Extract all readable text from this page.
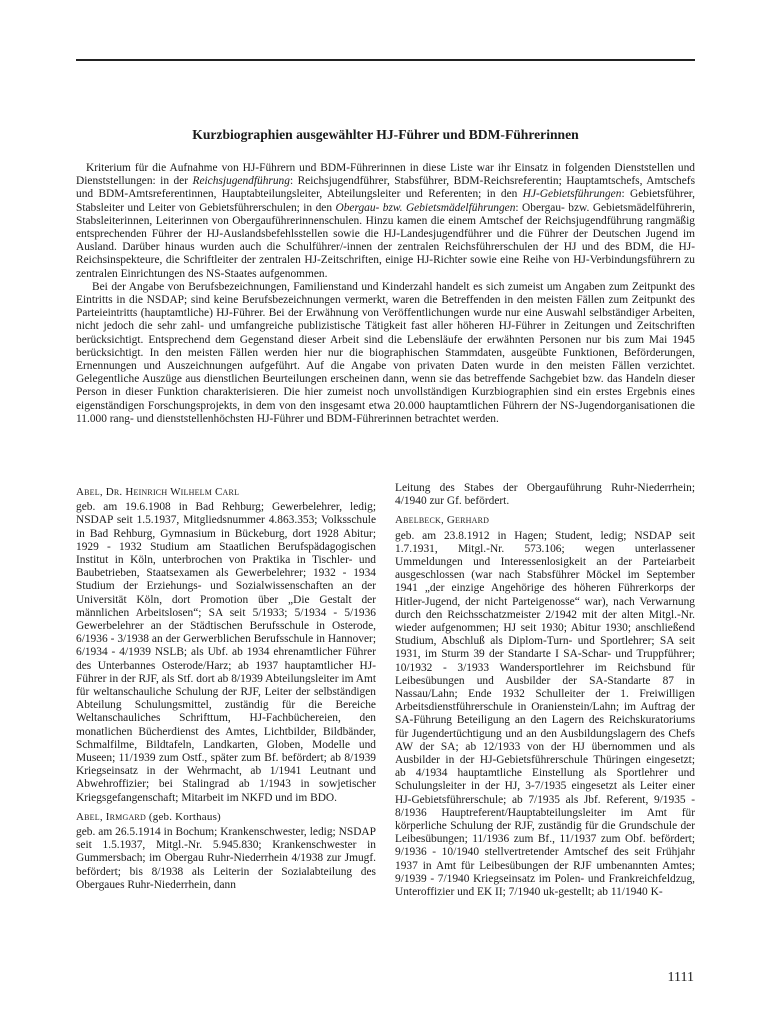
Kurzbiographien ausgewählter HJ-Führer und BDM-Führerinnen

Kriterium für die Aufnahme von HJ-Führern und BDM-Führerinnen in diese Liste war ihr Einsatz in folgenden Dienststellen und Dienststellungen: in der Reichsjugendführung: Reichsjugendführer, Stabsführer, BDM-Reichsreferentin; Hauptamtschefs, Amtschefs und BDM-Amtsreferentinnen, Hauptabteilungsleiter, Abteilungsleiter und Referenten; in den HJ-Gebietsführungen: Gebietsführer, Stabsleiter und Leiter von Gebietsführerschulen; in den Obergau- bzw. Gebietsmädelführungen: Obergau- bzw. Gebietsmädelführerin, Stabsleiterinnen, Leiterinnen von Obergauführerinnenschulen. Hinzu kamen die einem Amtschef der Reichsjugendführung rangmäßig entsprechenden Führer der HJ-Auslandsbefehlsstellen sowie die HJ-Landesjugendführer und die Führer der Deutschen Jugend im Ausland. Darüber hinaus wurden auch die Schulführer/-innen der zentralen Reichsführerschulen der HJ und des BDM, die HJ-Reichsinspekteure, die Schriftleiter der zentralen HJ-Zeitschriften, einige HJ-Richter sowie eine Reihe von HJ-Verbindungsführern zu zentralen Einrichtungen des NS-Staates aufgenommen.

Bei der Angabe von Berufsbezeichnungen, Familienstand und Kinderzahl handelt es sich zumeist um Angaben zum Zeitpunkt des Eintritts in die NSDAP; sind keine Berufsbezeichnungen vermerkt, waren die Betreffenden in den meisten Fällen zum Zeitpunkt des Parteieintritts (hauptamtliche) HJ-Führer. Bei der Erwähnung von Veröffentlichungen wurde nur eine Auswahl selbständiger Arbeiten, nicht jedoch die sehr zahl- und umfangreiche publizistische Tätigkeit fast aller höheren HJ-Führer in Zeitungen und Zeitschriften berücksichtigt. Entsprechend dem Gegenstand dieser Arbeit sind die Lebensläufe der erwähnten Personen nur bis zum Mai 1945 berücksichtigt. In den meisten Fällen werden hier nur die biographischen Stammdaten, ausgeübte Funktionen, Beförderungen, Ernennungen und Auszeichnungen aufgeführt. Auf die Angabe von privaten Daten wurde in den meisten Fällen verzichtet. Gelegentliche Auszüge aus dienstlichen Beurteilungen erscheinen dann, wenn sie das betreffende Sachgebiet bzw. das Handeln dieser Person in dieser Funktion charakterisieren. Die hier zumeist noch unvollständigen Kurzbiographien sind ein erstes Ergebnis eines eigenständigen Forschungsprojekts, in dem von den insgesamt etwa 20.000 hauptamtlichen Führern der NS-Jugendorganisationen die 11.000 rang- und dienststellenhöchsten HJ-Führer und BDM-Führerinnen betrachtet werden.

Abel, Dr. Heinrich Wilhelm Carl

geb. am 19.6.1908 in Bad Rehburg; Gewerbelehrer, ledig; NSDAP seit 1.5.1937, Mitgliedsnummer 4.863.353; Volksschule in Bad Rehburg, Gymnasium in Bückeburg, dort 1928 Abitur; 1929 - 1932 Studium am Staatlichen Berufspädagogischen Institut in Köln, unterbrochen von Praktika in Tischler- und Baubetrieben, Staatsexamen als Gewerbelehrer; 1932 - 1934 Studium der Erziehungs- und Sozialwissenschaften an der Universität Köln, dort Promotion über „Die Gestalt der männlichen Arbeitslosen“; SA seit 5/1933; 5/1934 - 5/1936 Gewerbelehrer an der Städtischen Berufsschule in Osterode, 6/1936 - 3/1938 an der Gerwerblichen Berufsschule in Hannover; 6/1934 - 4/1939 NSLB; als Ubf. ab 1934 ehrenamtlicher Führer des Unterbannes Osterode/Harz; ab 1937 hauptamtlicher HJ-Führer in der RJF, als Stf. dort ab 8/1939 Abteilungsleiter im Amt für weltanschauliche Schulung der RJF, Leiter der selbständigen Abteilung Schulungsmittel, zuständig für die Bereiche Weltanschauliches Schrifttum, HJ-Fachbüchereien, den monatlichen Bücherdienst des Amtes, Lichtbilder, Bildbänder, Schmalfilme, Bildtafeln, Landkarten, Globen, Modelle und Museen; 11/1939 zum Ostf., später zum Bf. befördert; ab 8/1939 Kriegseinsatz in der Wehrmacht, ab 1/1941 Leutnant und Abwehroffizier; bei Stalingrad ab 1/1943 in sowjetischer Kriegsgefangenschaft; Mitarbeit im NKFD und im BDO.

Abel, Irmgard (geb. Korthaus)

geb. am 26.5.1914 in Bochum; Krankenschwester, ledig; NSDAP seit 1.5.1937, Mitgl.-Nr. 5.945.830; Krankenschwester in Gummersbach; im Obergau Ruhr-Niederrhein 4/1938 zur Jmugf. befördert; bis 8/1938 als Leiterin der Sozialabteilung des Obergaues Ruhr-Niederrhein, dann

Leitung des Stabes der Obergauführung Ruhr-Niederrhein; 4/1940 zur Gf. befördert.

Abelbeck, Gerhard

geb. am 23.8.1912 in Hagen; Student, ledig; NSDAP seit 1.7.1931, Mitgl.-Nr. 573.106; wegen unterlassener Ummeldungen und Interessenlosigkeit an der Parteiarbeit ausgeschlossen (war nach Stabsführer Möckel im September 1941 „der einzige Angehörige des höheren Führerkorps der Hitler-Jugend, der nicht Parteigenosse“ war), nach Verwarnung durch den Reichsschatzmeister 2/1942 mit der alten Mitgl.-Nr. wieder aufgenommen; HJ seit 1930; Abitur 1930; anschließend Studium, Abschluß als Diplom-Turn- und Sportlehrer; SA seit 1931, im Sturm 39 der Standarte I SA-Schar- und Truppführer; 10/1932 - 3/1933 Wandersportlehrer im Reichsbund für Leibesübungen und Ausbilder der SA-Standarte 87 in Nassau/Lahn; Ende 1932 Schulleiter der 1. Freiwilligen Arbeitsdienstführerschule in Oranienstein/Lahn; im Auftrag der SA-Führung Beteiligung an den Lagern des Reichskuratoriums für Jugendertüchtigung und an den Ausbildungslagern des Chefs AW der SA; ab 12/1933 von der HJ übernommen und als Ausbilder in der HJ-Gebietsführerschule Thüringen eingesetzt; ab 4/1934 hauptamtliche Einstellung als Sportlehrer und Schulungsleiter in der HJ, 3-7/1935 eingesetzt als Leiter einer HJ-Gebietsführerschule; ab 7/1935 als Jbf. Referent, 9/1935 - 8/1936 Hauptreferent/Hauptabteilungsleiter im Amt für körperliche Schulung der RJF, zuständig für die Grundschule der Leibesübungen; 11/1936 zum Bf., 11/1937 zum Obf. befördert; 9/1936 - 10/1940 stellvertretender Amtschef des seit Frühjahr 1937 in Amt für Leibesübungen der RJF umbenannten Amtes; 9/1939 - 7/1940 Kriegseinsatz im Polen- und Frankreichfeldzug, Unteroffizier und EK II; 7/1940 uk-gestellt; ab 11/1940 K-

1111
